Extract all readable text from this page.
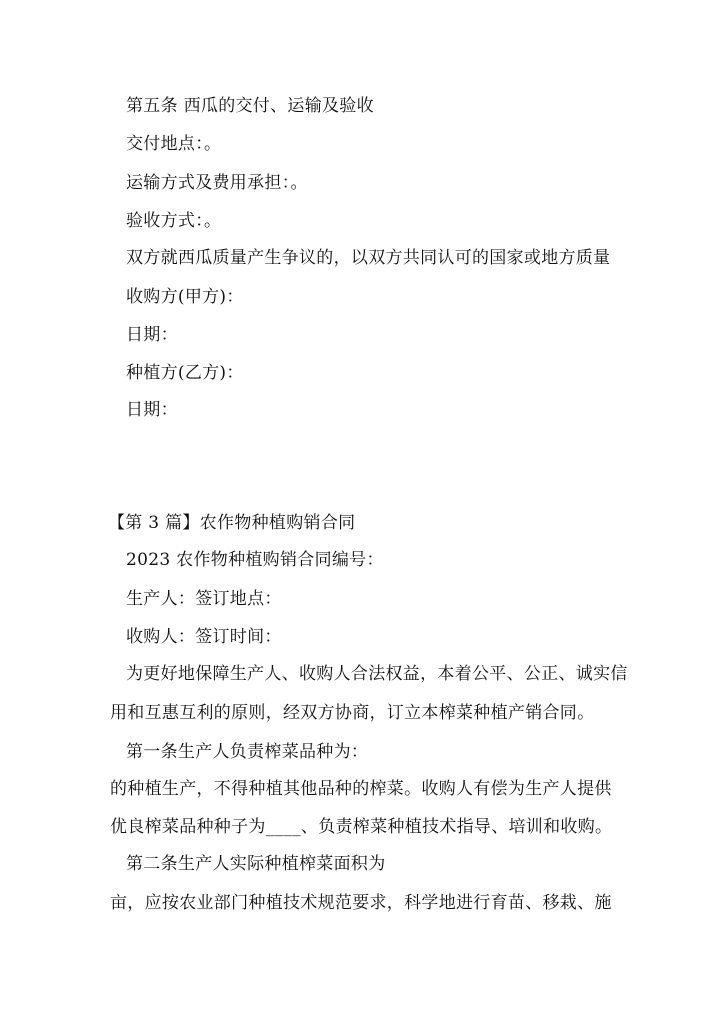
第五条 西瓜的交付、运输及验收
交付地点：。
运输方式及费用承担：。
验收方式：。
双方就西瓜质量产生争议的，以双方共同认可的国家或地方质量
收购方(甲方)：
日期：
种植方(乙方)：
日期：
【第 3 篇】农作物种植购销合同
2023 农作物种植购销合同编号：
生产人：签订地点：
收购人：签订时间：
为更好地保障生产人、收购人合法权益，本着公平、公正、诚实信
用和互惠互利的原则，经双方协商，订立本榨菜种植产销合同。
第一条生产人负责榨菜品种为：
的种植生产，不得种植其他品种的榨菜。收购人有偿为生产人提供
优良榨菜品种种子为____、负责榨菜种植技术指导、培训和收购。
第二条生产人实际种植榨菜面积为
亩，应按农业部门种植技术规范要求，科学地进行育苗、移栽、施
